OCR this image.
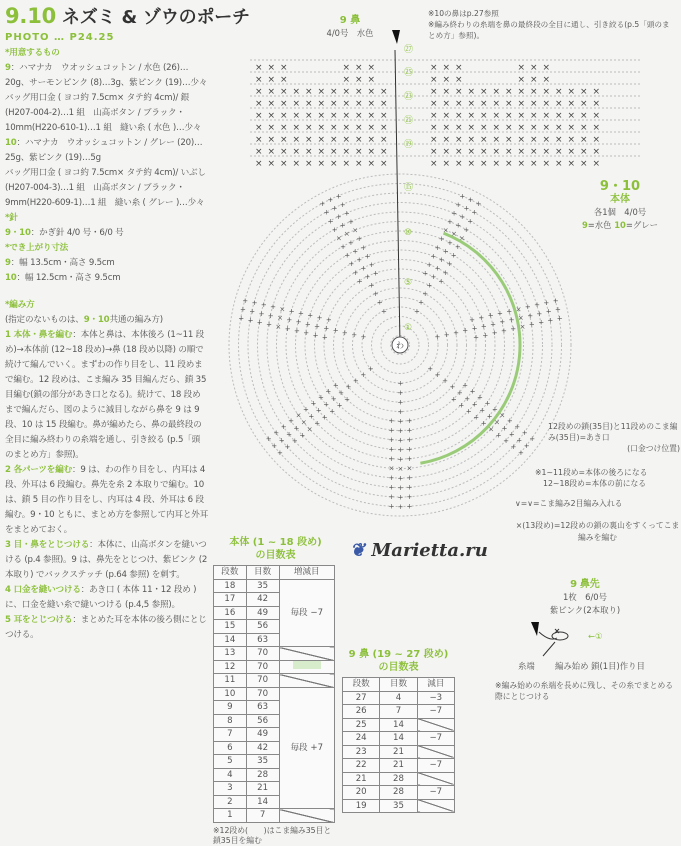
9.10 ネズミ & ゾウのポーチ
PHOTO … P24.25
*用意するもの
9：ハマナカ　ウオッシュコットン / 水色 (26)…20g、サーモンピンク (8)…3g、紫ピンク (19)…少々
バッグ用口金 ( ヨコ約 7.5cm× タテ約 4cm)/ 銀 (H207-004-2)…1 組　山高ボタン / ブラック・10mm(H220-610-1)…1 組　縫い糸 ( 水色 )…少々
10：ハマナカ　ウオッシュコットン / グレー (20)…25g、紫ピンク (19)…5g
バッグ用口金 ( ヨコ約 7.5cm× タテ約 4cm)/ いぶし (H207-004-3)…1 組　山高ボタン / ブラック・9mm(H220-609-1)…1 組　縫い糸 ( グレー )…少々
*針
9・10：かぎ針 4/0 号・6/0 号
*でき上がり寸法
9：幅 13.5cm・高さ 9.5cm
10：幅 12.5cm・高さ 9.5cm
*編み方
(指定のないものは、9・10共通の編み方)
1 本体・鼻を編む：本体と鼻は、本体後ろ (1~11 段め)→本体前 (12~18 段め)→鼻 (18 段め以降) の順で続けて編んでいく。まずわの作り目をし、11 段めまで編む。12 段めは、こま編み 35 目編んだら、鎖 35 目編む(鎖の部分があき口となる)。続けて、18 段めまで編んだら、図のように減目しながら鼻を 9 は 9 段、10 は 15 段編む。鼻が編めたら、鼻の最終段の全目に編み終わりの糸端を通し、引き絞る (p.5「頭のまとめ方」参照)。
2 各パーツを編む：9 は、わの作り目をし、内耳は 4 段、外耳は 6 段編む。鼻先を糸 2 本取りで編む。10 は、鎖 5 目の作り目をし、内耳は 4 段、外耳は 6 段編む。9・10 ともに、まとめ方を参照して内耳と外耳をまとめておく。
3 目・鼻をとじつける：本体に、山高ボタンを縫いつける (p.4 参照)。9 は、鼻先をとじつけ、紫ピンク (2 本取り) でバックステッチ (p.64 参照) を刺す。
4 口金を縫いつける：あき口 ( 本体 11・12 段め ) に、口金を縫い糸で縫いつける (p.4,5 参照)。
5 耳をとじつける：まとめた耳を本体の後ろ側にとじつける。
× × ×	× × ×	× × ×	× × ×
× × ×	× × ×	× × ×	× × ×
× × × × × × × × × × ×	× × × × × × × × × × × × × ×
× × × × × × × × × × ×	× × × × × × × × × × × × × ×
× × × × × × × × × × ×	× × × × × × × × × × × × × ×
× × × × × × × × × × ×	× × × × × × × × × × × × × ×
× × × × × × × × × × ×	× × × × × × × × × × × × × ×
× × × × × × × × × × ×	× × × × × × × × × × × × × ×
× × × × × × × × × × ×	× × × × × × × × × × × × × ×
+
+
+
+
+ +
+
+ +
+
+ +
+
+ +
+
+ +
+
× ×
×
+ +
+
+ +
+
+ +
+
+ +
+
+ + + +
+
+
+
+
+
+
+
+
+
+
+
+
+
+
+
×
×
×
+
+
+
+
+
+
+
+
+
+
+
+
+
+
+
+ +
+
+
+
+
+
+
+
+
+
+
+
+
+
+
×
×
×
+
+
+
+
+
+
+
+
+
+
+
+
+
+
+
+
+
+
+
+
+
+
+
+
+
+
+
+
+
+
+
×
×
×
+
+
+
+
+
+
+
+
+
+
+
+
+
+
+
+
+
+
+
+
+
+
+
+
+
+
+
+
+
+
+
×
×
×
+
+
+
+
+
+
+
+
+
+
+
+
+
+
+
+
+
+
+
+
+
+
+
+
+
+
+
+
+
+
+
×
×
×
+
+
+
+
+
+
+
+
+
+
+
+
+
+
+
+
+
+ +
+
+ +
+
+ +
+
+ +
+
+ +
×
× ×
+
+ +
+
+ +
+
+ +
+
+ +
わ
㉗
㉕
㉓
㉑
⑲
⑮
⑩
⑤
①
9 鼻
4/0号　水色
※10の鼻はp.27参照
※編み終わりの糸端を鼻の最終段の全目に通し、引き絞る(p.5「頭のまとめ方」参照)。
9・10
本体
各1個　4/0号
9=水色 10=グレー
12段めの鎖(35目)と11段めのこま編み(35目)=あき口
(口金つけ位置)
※1~11段め=本体の後ろになる
12~18段め=本体の前になる
∨=∨=こま編み2目編み入れる
×(13段め)=12段めの鎖の裏山をすくってこま編みを編む
❦ Marietta.ru
9 鼻先
1枚　6/0号
紫ピンク(2本取り)
←①
糸端 編み始め 鎖(1目)作り目
※編み始めの糸端を長めに残し、その糸でまとめる際にとじつける
本体 (1 ~ 18 段め)
の目数表
段数	目数	増減目
18	35	毎段 −7
17	42	
16	49	
15	56	
14	63	
13	70	
12	70	
11	70	
10	70	毎段 +7
9	63	
8	56	
7	49	
6	42	
5	35	
4	28	
3	21	
2	14	
1	7	
※12段め(　　)はこま編み35目と鎖35目を編む
9 鼻 (19 ~ 27 段め)
の目数表
段数	目数	減目
27	4	−3
26	7	−7
25	14	
24	14	−7
23	21	
22	21	−7
21	28	
20	28	−7
19	35	
